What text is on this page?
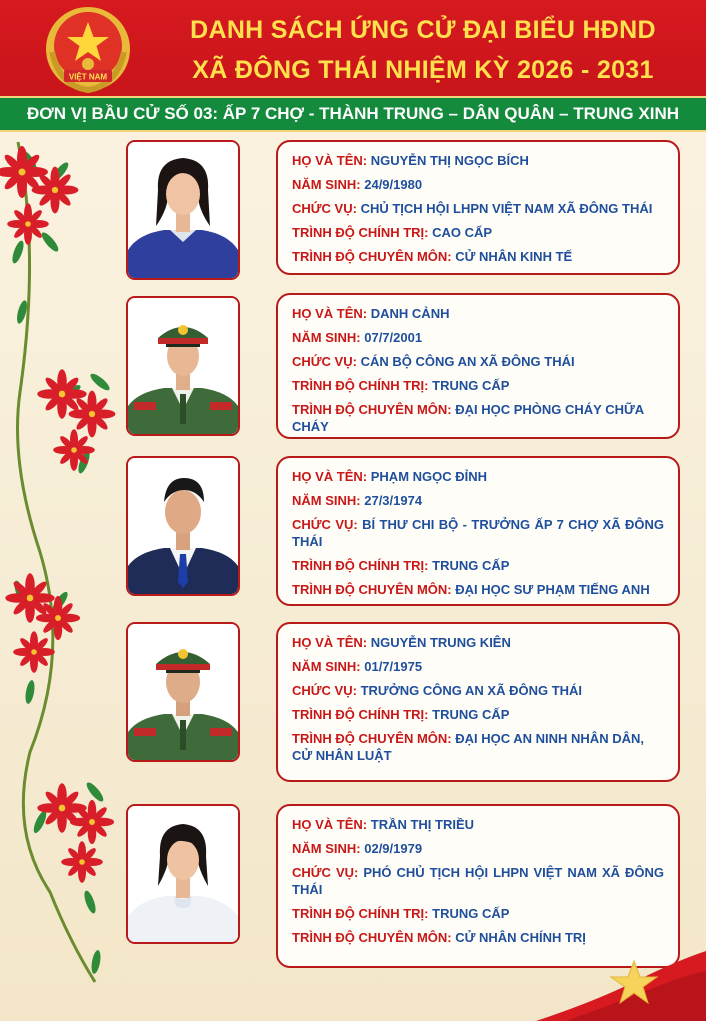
VIỆT NAM
DANH SÁCH ỨNG CỬ ĐẠI BIỂU HĐND
XÃ ĐÔNG THÁI NHIỆM KỲ 2026 - 2031
ĐƠN VỊ BẦU CỬ SỐ 03: ẤP 7 CHỢ - THÀNH TRUNG – DÂN QUÂN – TRUNG XINH
HỌ VÀ TÊN: NGUYỄN THỊ NGỌC BÍCH
NĂM SINH: 24/9/1980
CHỨC VỤ: CHỦ TỊCH HỘI LHPN VIỆT NAM XÃ ĐÔNG THÁI
TRÌNH ĐỘ CHÍNH TRỊ: CAO CẤP
TRÌNH ĐỘ CHUYÊN MÔN: CỬ NHÂN KINH TẾ
HỌ VÀ TÊN: DANH CẢNH
NĂM SINH: 07/7/2001
CHỨC VỤ: CÁN BỘ CÔNG AN XÃ ĐÔNG THÁI
TRÌNH ĐỘ CHÍNH TRỊ: TRUNG CẤP
TRÌNH ĐỘ CHUYÊN MÔN: ĐẠI HỌC PHÒNG CHÁY CHỮA CHÁY
HỌ VÀ TÊN: PHẠM NGỌC ĐỈNH
NĂM SINH: 27/3/1974
CHỨC VỤ: BÍ THƯ CHI BỘ - TRƯỞNG ẤP 7 CHỢ XÃ ĐÔNG THÁI
TRÌNH ĐỘ CHÍNH TRỊ: TRUNG CẤP
TRÌNH ĐỘ CHUYÊN MÔN: ĐẠI HỌC SƯ PHẠM TIẾNG ANH
HỌ VÀ TÊN: NGUYỄN TRUNG KIÊN
NĂM SINH: 01/7/1975
CHỨC VỤ: TRƯỞNG CÔNG AN XÃ ĐÔNG THÁI
TRÌNH ĐỘ CHÍNH TRỊ: TRUNG CẤP
TRÌNH ĐỘ CHUYÊN MÔN: ĐẠI HỌC AN NINH NHÂN DÂN, CỬ NHÂN LUẬT
HỌ VÀ TÊN: TRẦN THỊ TRIỀU
NĂM SINH: 02/9/1979
CHỨC VỤ: PHÓ CHỦ TỊCH HỘI LHPN VIỆT NAM XÃ ĐÔNG THÁI
TRÌNH ĐỘ CHÍNH TRỊ: TRUNG CẤP
TRÌNH ĐỘ CHUYÊN MÔN: CỬ NHÂN CHÍNH TRỊ
